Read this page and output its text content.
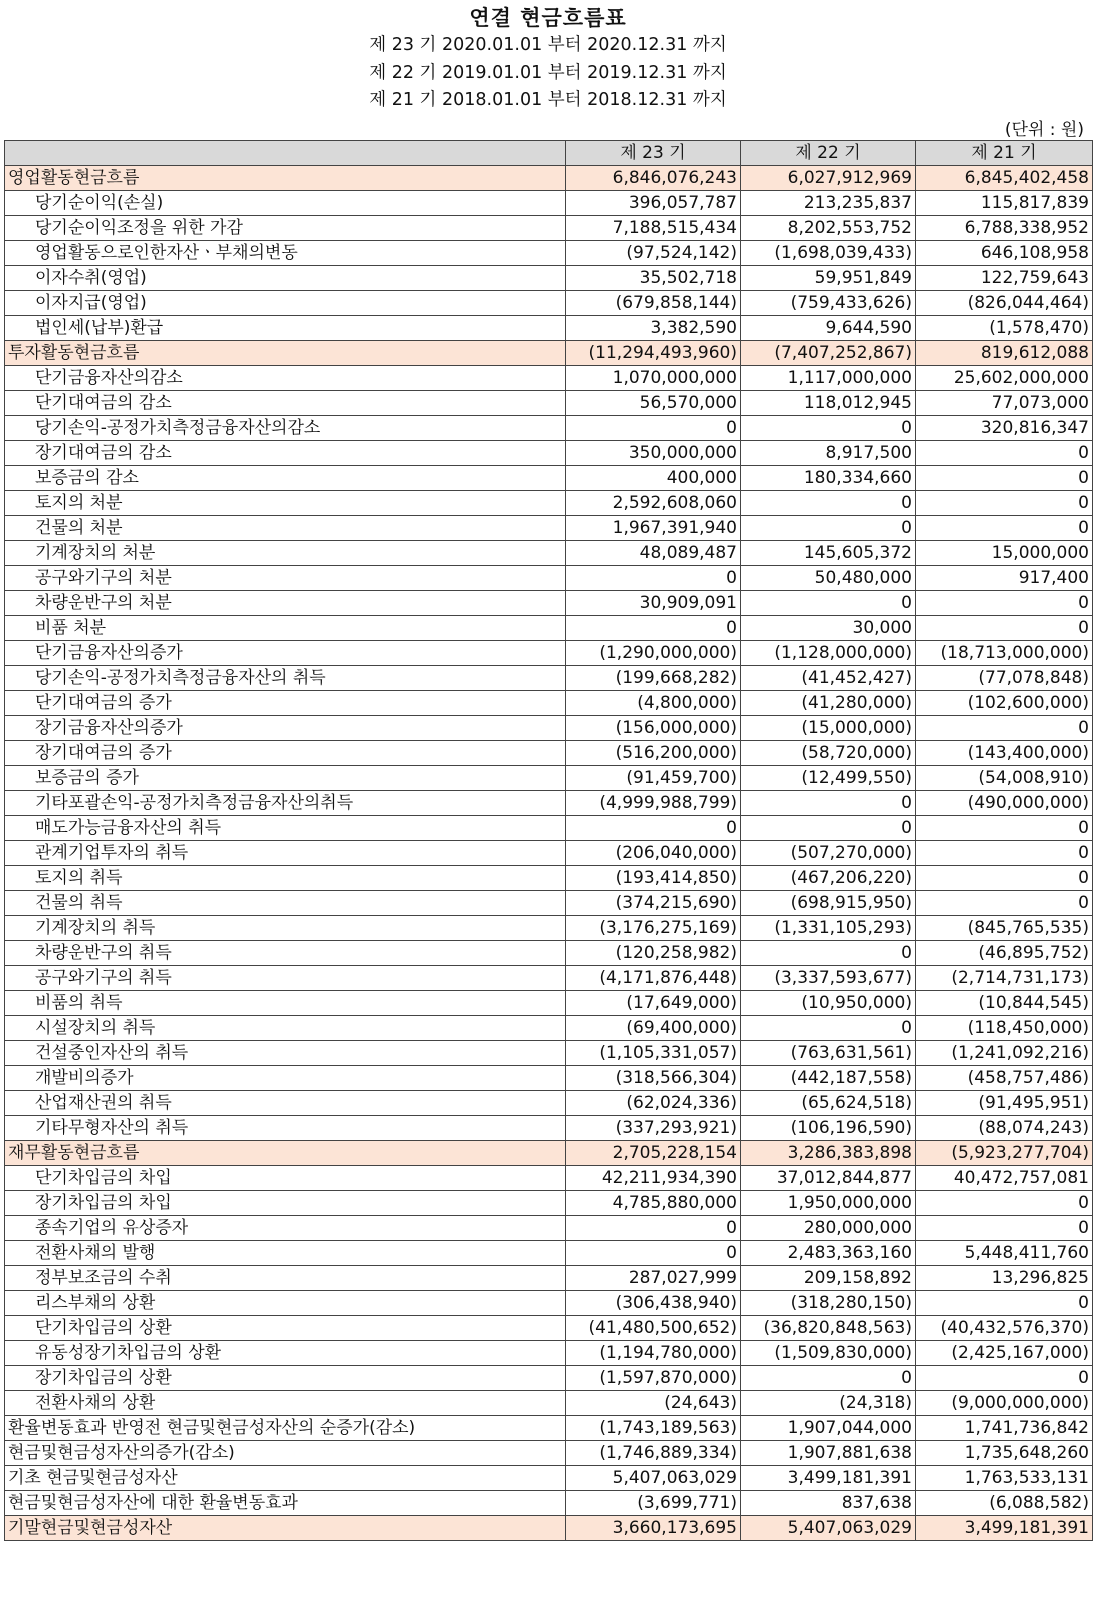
연결 현금흐름표
제 23 기 2020.01.01 부터 2020.12.31 까지
제 22 기 2019.01.01 부터 2019.12.31 까지
제 21 기 2018.01.01 부터 2018.12.31 까지
(단위 : 원)
	제 23 기	제 22 기	제 21 기
영업활동현금흐름	6,846,076,243	6,027,912,969	6,845,402,458
당기순이익(손실)	396,057,787	213,235,837	115,817,839
당기순이익조정을 위한 가감	7,188,515,434	8,202,553,752	6,788,338,952
영업활동으로인한자산ㆍ부채의변동	(97,524,142)	(1,698,039,433)	646,108,958
이자수취(영업)	35,502,718	59,951,849	122,759,643
이자지급(영업)	(679,858,144)	(759,433,626)	(826,044,464)
법인세(납부)환급	3,382,590	9,644,590	(1,578,470)
투자활동현금흐름	(11,294,493,960)	(7,407,252,867)	819,612,088
단기금융자산의감소	1,070,000,000	1,117,000,000	25,602,000,000
단기대여금의 감소	56,570,000	118,012,945	77,073,000
당기손익-공정가치측정금융자산의감소	0	0	320,816,347
장기대여금의 감소	350,000,000	8,917,500	0
보증금의 감소	400,000	180,334,660	0
토지의 처분	2,592,608,060	0	0
건물의 처분	1,967,391,940	0	0
기계장치의 처분	48,089,487	145,605,372	15,000,000
공구와기구의 처분	0	50,480,000	917,400
차량운반구의 처분	30,909,091	0	0
비품 처분	0	30,000	0
단기금융자산의증가	(1,290,000,000)	(1,128,000,000)	(18,713,000,000)
당기손익-공정가치측정금융자산의 취득	(199,668,282)	(41,452,427)	(77,078,848)
단기대여금의 증가	(4,800,000)	(41,280,000)	(102,600,000)
장기금융자산의증가	(156,000,000)	(15,000,000)	0
장기대여금의 증가	(516,200,000)	(58,720,000)	(143,400,000)
보증금의 증가	(91,459,700)	(12,499,550)	(54,008,910)
기타포괄손익-공정가치측정금융자산의취득	(4,999,988,799)	0	(490,000,000)
매도가능금융자산의 취득	0	0	0
관계기업투자의 취득	(206,040,000)	(507,270,000)	0
토지의 취득	(193,414,850)	(467,206,220)	0
건물의 취득	(374,215,690)	(698,915,950)	0
기계장치의 취득	(3,176,275,169)	(1,331,105,293)	(845,765,535)
차량운반구의 취득	(120,258,982)	0	(46,895,752)
공구와기구의 취득	(4,171,876,448)	(3,337,593,677)	(2,714,731,173)
비품의 취득	(17,649,000)	(10,950,000)	(10,844,545)
시설장치의 취득	(69,400,000)	0	(118,450,000)
건설중인자산의 취득	(1,105,331,057)	(763,631,561)	(1,241,092,216)
개발비의증가	(318,566,304)	(442,187,558)	(458,757,486)
산업재산권의 취득	(62,024,336)	(65,624,518)	(91,495,951)
기타무형자산의 취득	(337,293,921)	(106,196,590)	(88,074,243)
재무활동현금흐름	2,705,228,154	3,286,383,898	(5,923,277,704)
단기차입금의 차입	42,211,934,390	37,012,844,877	40,472,757,081
장기차입금의 차입	4,785,880,000	1,950,000,000	0
종속기업의 유상증자	0	280,000,000	0
전환사채의 발행	0	2,483,363,160	5,448,411,760
정부보조금의 수취	287,027,999	209,158,892	13,296,825
리스부채의 상환	(306,438,940)	(318,280,150)	0
단기차입금의 상환	(41,480,500,652)	(36,820,848,563)	(40,432,576,370)
유동성장기차입금의 상환	(1,194,780,000)	(1,509,830,000)	(2,425,167,000)
장기차입금의 상환	(1,597,870,000)	0	0
전환사채의 상환	(24,643)	(24,318)	(9,000,000,000)
환율변동효과 반영전 현금및현금성자산의 순증가(감소)	(1,743,189,563)	1,907,044,000	1,741,736,842
현금및현금성자산의증가(감소)	(1,746,889,334)	1,907,881,638	1,735,648,260
기초 현금및현금성자산	5,407,063,029	3,499,181,391	1,763,533,131
현금및현금성자산에 대한 환율변동효과	(3,699,771)	837,638	(6,088,582)
기말현금및현금성자산	3,660,173,695	5,407,063,029	3,499,181,391
